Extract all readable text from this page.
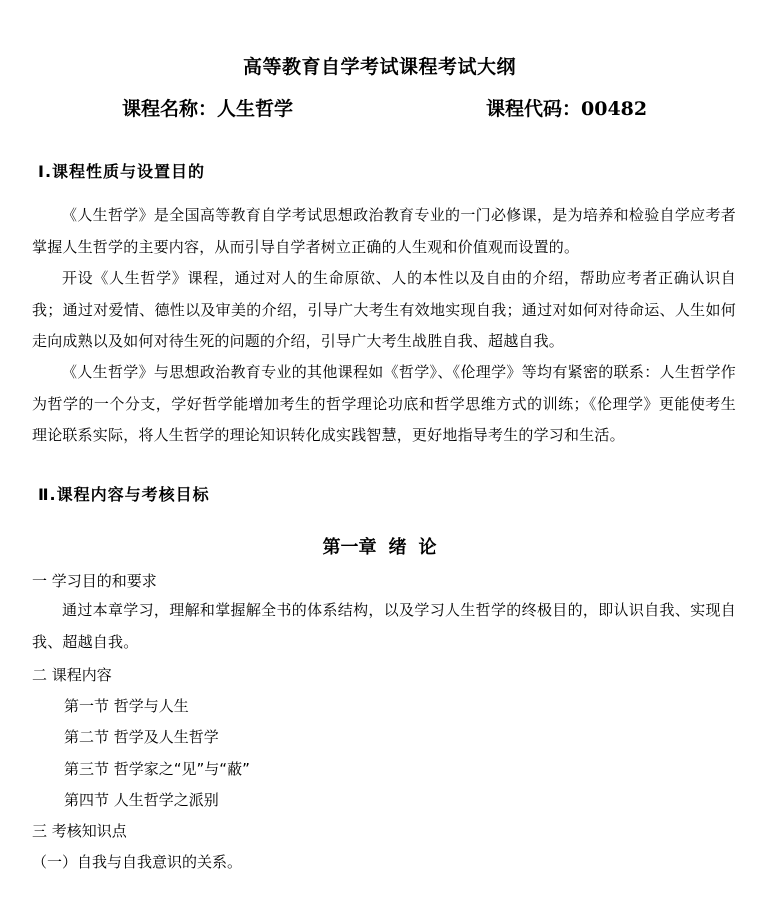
高等教育自学考试课程考试大纲
课程名称：人生哲学	课程代码：00482
Ⅰ.课程性质与设置目的
《人生哲学》是全国高等教育自学考试思想政治教育专业的一门必修课，是为培养和检验自学应考者掌握人生哲学的主要内容，从而引导自学者树立正确的人生观和价值观而设置的。
开设《人生哲学》课程，通过对人的生命原欲、人的本性以及自由的介绍，帮助应考者正确认识自我；通过对爱情、德性以及审美的介绍，引导广大考生有效地实现自我；通过对如何对待命运、人生如何走向成熟以及如何对待生死的问题的介绍，引导广大考生战胜自我、超越自我。
《人生哲学》与思想政治教育专业的其他课程如《哲学》、《伦理学》等均有紧密的联系：人生哲学作为哲学的一个分支，学好哲学能增加考生的哲学理论功底和哲学思维方式的训练；《伦理学》更能使考生理论联系实际，将人生哲学的理论知识转化成实践智慧，更好地指导考生的学习和生活。
Ⅱ.课程内容与考核目标
第一章 绪 论
一 学习目的和要求
通过本章学习，理解和掌握解全书的体系结构，以及学习人生哲学的终极目的，即认识自我、实现自我、超越自我。
二 课程内容
第一节 哲学与人生
第二节 哲学及人生哲学
第三节 哲学家之“见”与“蔽”
第四节 人生哲学之派别
三 考核知识点
（一）自我与自我意识的关系。
